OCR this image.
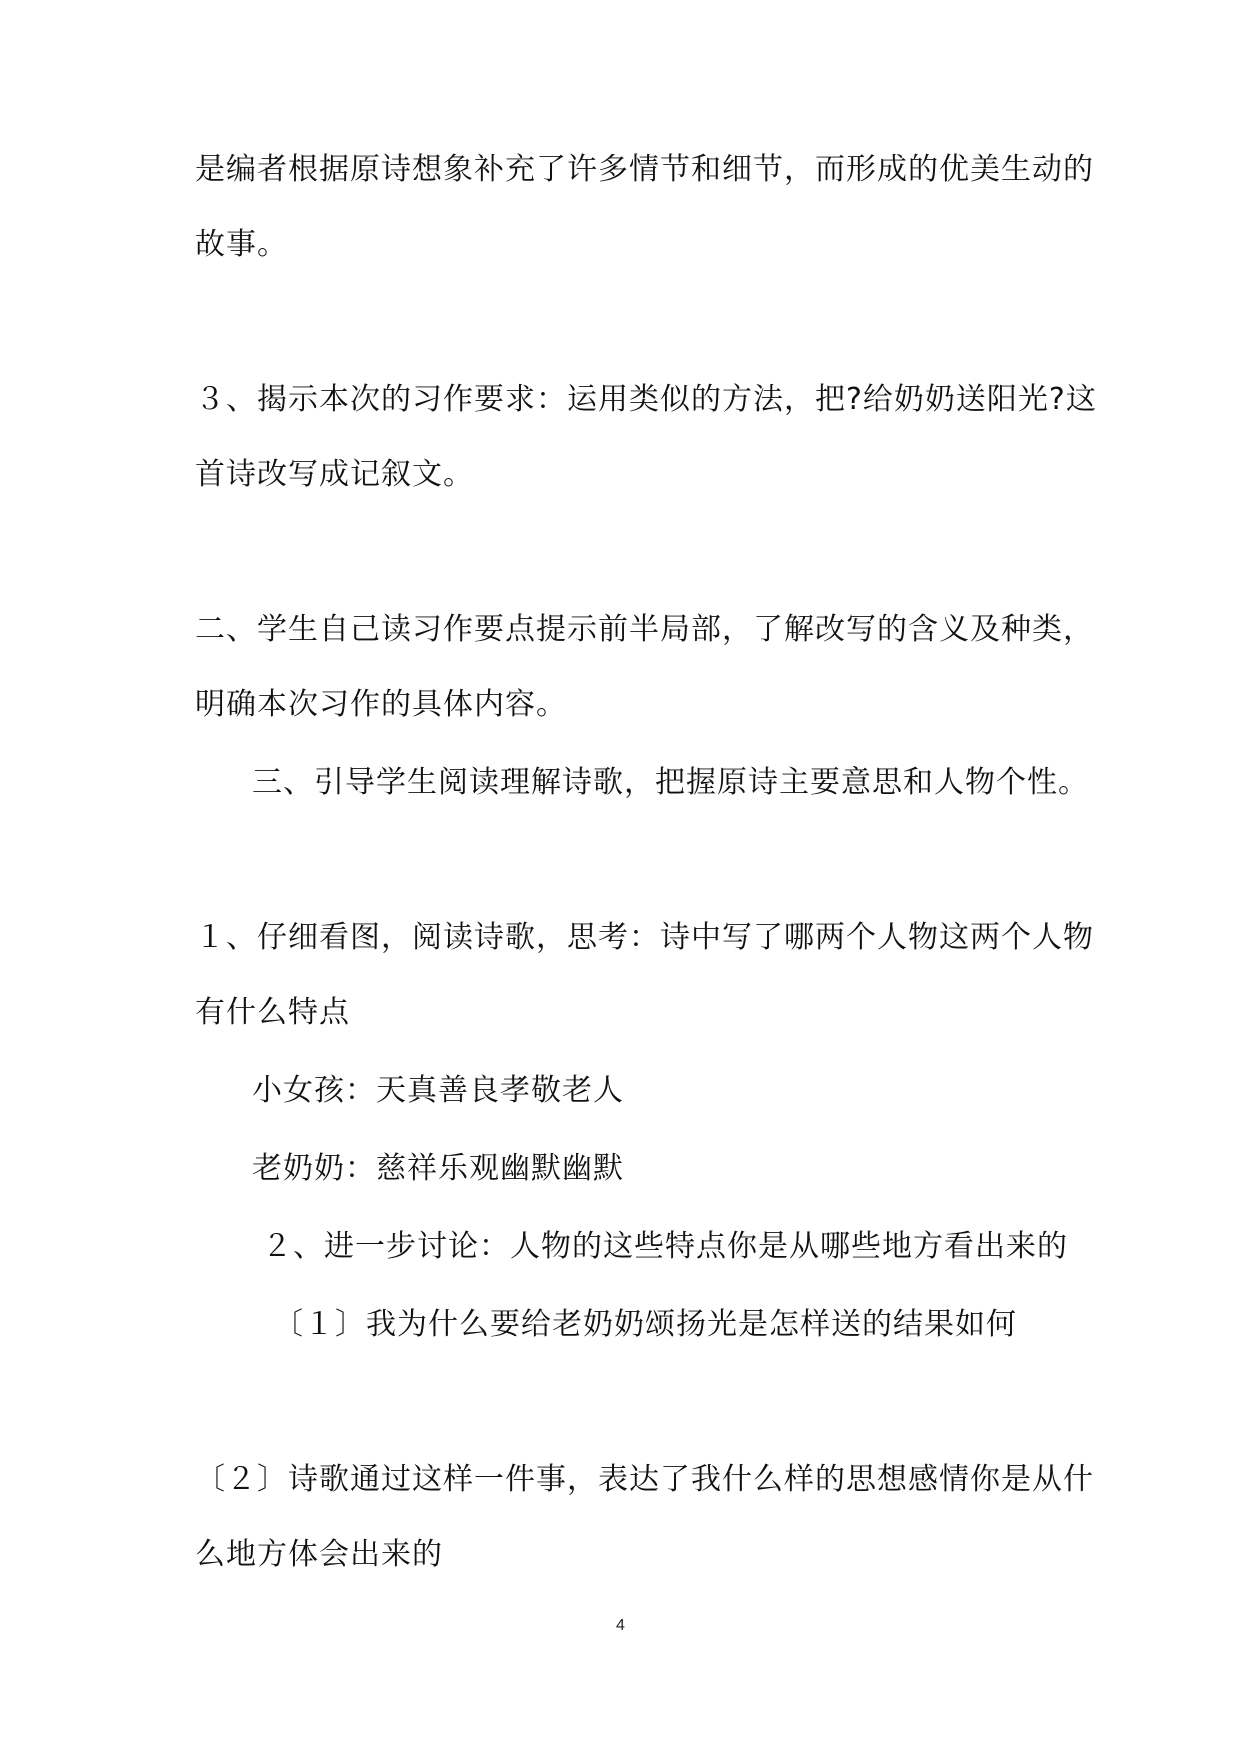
是编者根据原诗想象补充了许多情节和细节，而形成的优美生动的
故事。
３、揭示本次的习作要求：运用类似的方法，把?给奶奶送阳光?这
首诗改写成记叙文。
二、学生自己读习作要点提示前半局部，了解改写的含义及种类，
明确本次习作的具体内容。
三、引导学生阅读理解诗歌，把握原诗主要意思和人物个性。
１、仔细看图，阅读诗歌，思考：诗中写了哪两个人物这两个人物
有什么特点
小女孩：天真善良孝敬老人
老奶奶：慈祥乐观幽默幽默
２、进一步讨论：人物的这些特点你是从哪些地方看出来的
〔１〕我为什么要给老奶奶颂扬光是怎样送的结果如何
〔２〕诗歌通过这样一件事，表达了我什么样的思想感情你是从什
么地方体会出来的
4
